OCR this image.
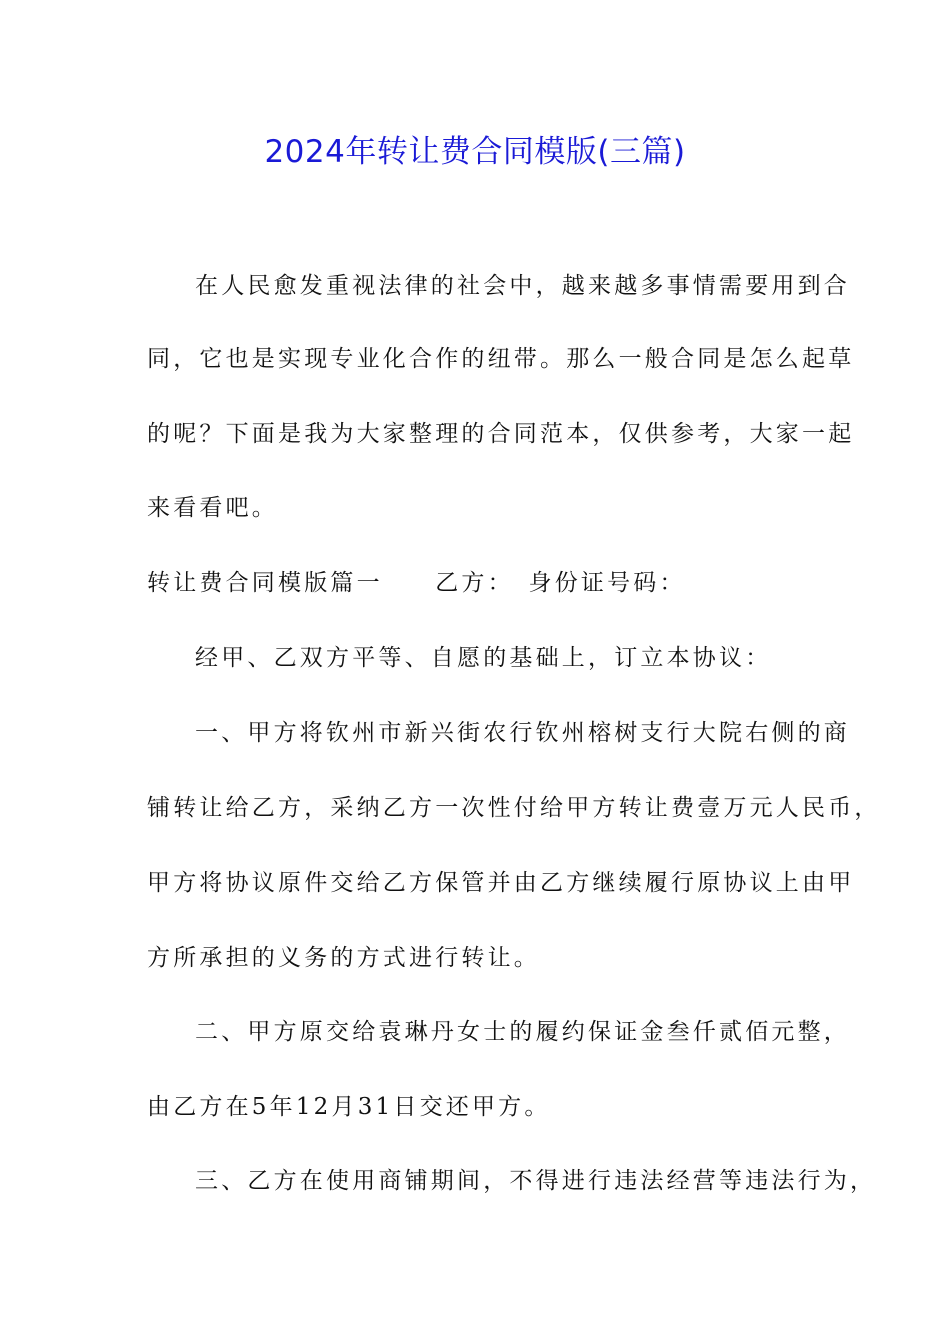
2024年转让费合同模版(三篇)
在人民愈发重视法律的社会中，越来越多事情需要用到合
同，它也是实现专业化合作的纽带。那么一般合同是怎么起草
的呢？下面是我为大家整理的合同范本，仅供参考，大家一起
来看看吧。
转让费合同模版篇一　　乙方：　身份证号码：
经甲、乙双方平等、自愿的基础上，订立本协议：
一、甲方将钦州市新兴街农行钦州榕树支行大院右侧的商
铺转让给乙方，采纳乙方一次性付给甲方转让费壹万元人民币，
甲方将协议原件交给乙方保管并由乙方继续履行原协议上由甲
方所承担的义务的方式进行转让。
二、甲方原交给袁琳丹女士的履约保证金叁仟贰佰元整，
由乙方在5年12月31日交还甲方。
三、乙方在使用商铺期间，不得进行违法经营等违法行为，
